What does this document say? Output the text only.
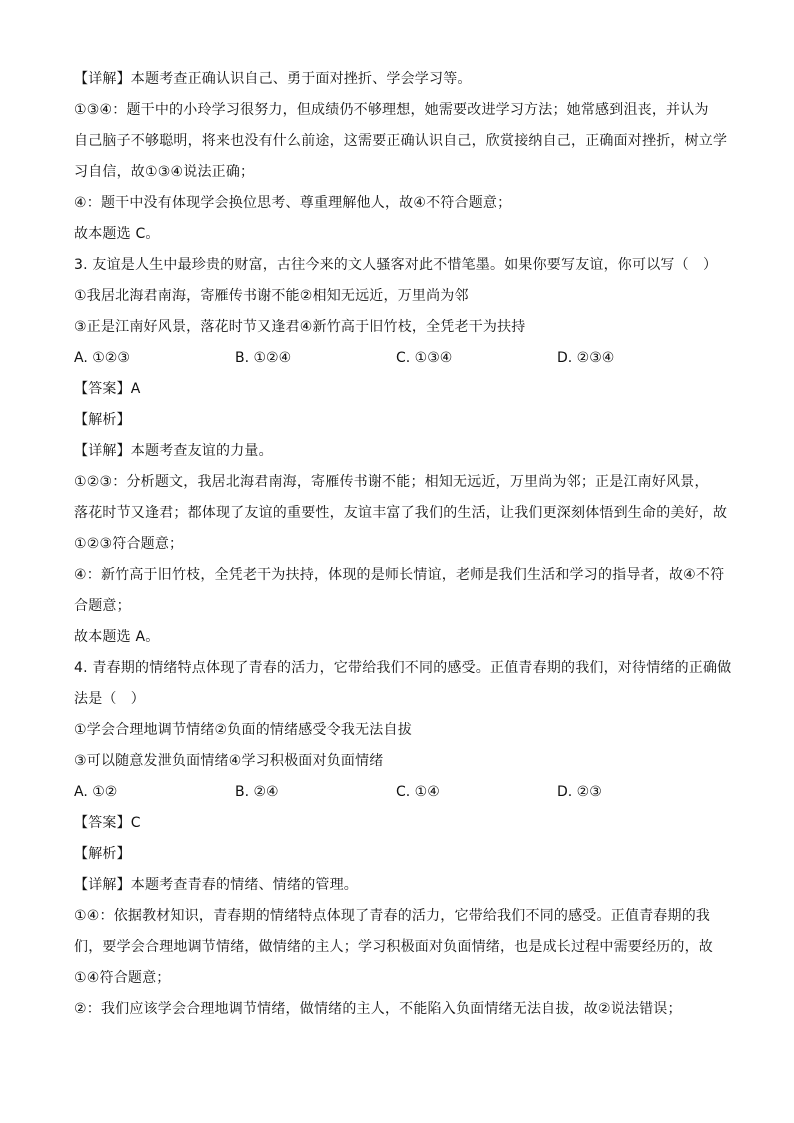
【详解】本题考查正确认识自己、勇于面对挫折、学会学习等。
①③④：题干中的小玲学习很努力，但成绩仍不够理想，她需要改进学习方法；她常感到沮丧，并认为
自己脑子不够聪明，将来也没有什么前途，这需要正确认识自己，欣赏接纳自己，正确面对挫折，树立学
习自信，故①③④说法正确；
④：题干中没有体现学会换位思考、尊重理解他人，故④不符合题意；
故本题选 C。
3. 友谊是人生中最珍贵的财富，古往今来的文人骚客对此不惜笔墨。如果你要写友谊，你可以写（　）
①我居北海君南海，寄雁传书谢不能②相知无远近，万里尚为邻
③正是江南好风景，落花时节又逢君④新竹高于旧竹枝，全凭老干为扶持
A. ①②③	B. ①②④	C. ①③④	D. ②③④
【答案】A
【解析】
【详解】本题考查友谊的力量。
①②③：分析题文，我居北海君南海，寄雁传书谢不能；相知无远近，万里尚为邻；正是江南好风景，
落花时节又逢君；都体现了友谊的重要性，友谊丰富了我们的生活，让我们更深刻体悟到生命的美好，故
①②③符合题意；
④：新竹高于旧竹枝，全凭老干为扶持，体现的是师长情谊，老师是我们生活和学习的指导者，故④不符
合题意；
故本题选 A。
4. 青春期的情绪特点体现了青春的活力，它带给我们不同的感受。正值青春期的我们，对待情绪的正确做
法是（　）
①学会合理地调节情绪②负面的情绪感受令我无法自拔
③可以随意发泄负面情绪④学习积极面对负面情绪
A. ①②	B. ②④	C. ①④	D. ②③
【答案】C
【解析】
【详解】本题考查青春的情绪、情绪的管理。
①④：依据教材知识，青春期的情绪特点体现了青春的活力，它带给我们不同的感受。正值青春期的我
们，要学会合理地调节情绪，做情绪的主人；学习积极面对负面情绪，也是成长过程中需要经历的，故
①④符合题意；
②：我们应该学会合理地调节情绪，做情绪的主人，不能陷入负面情绪无法自拔，故②说法错误；
